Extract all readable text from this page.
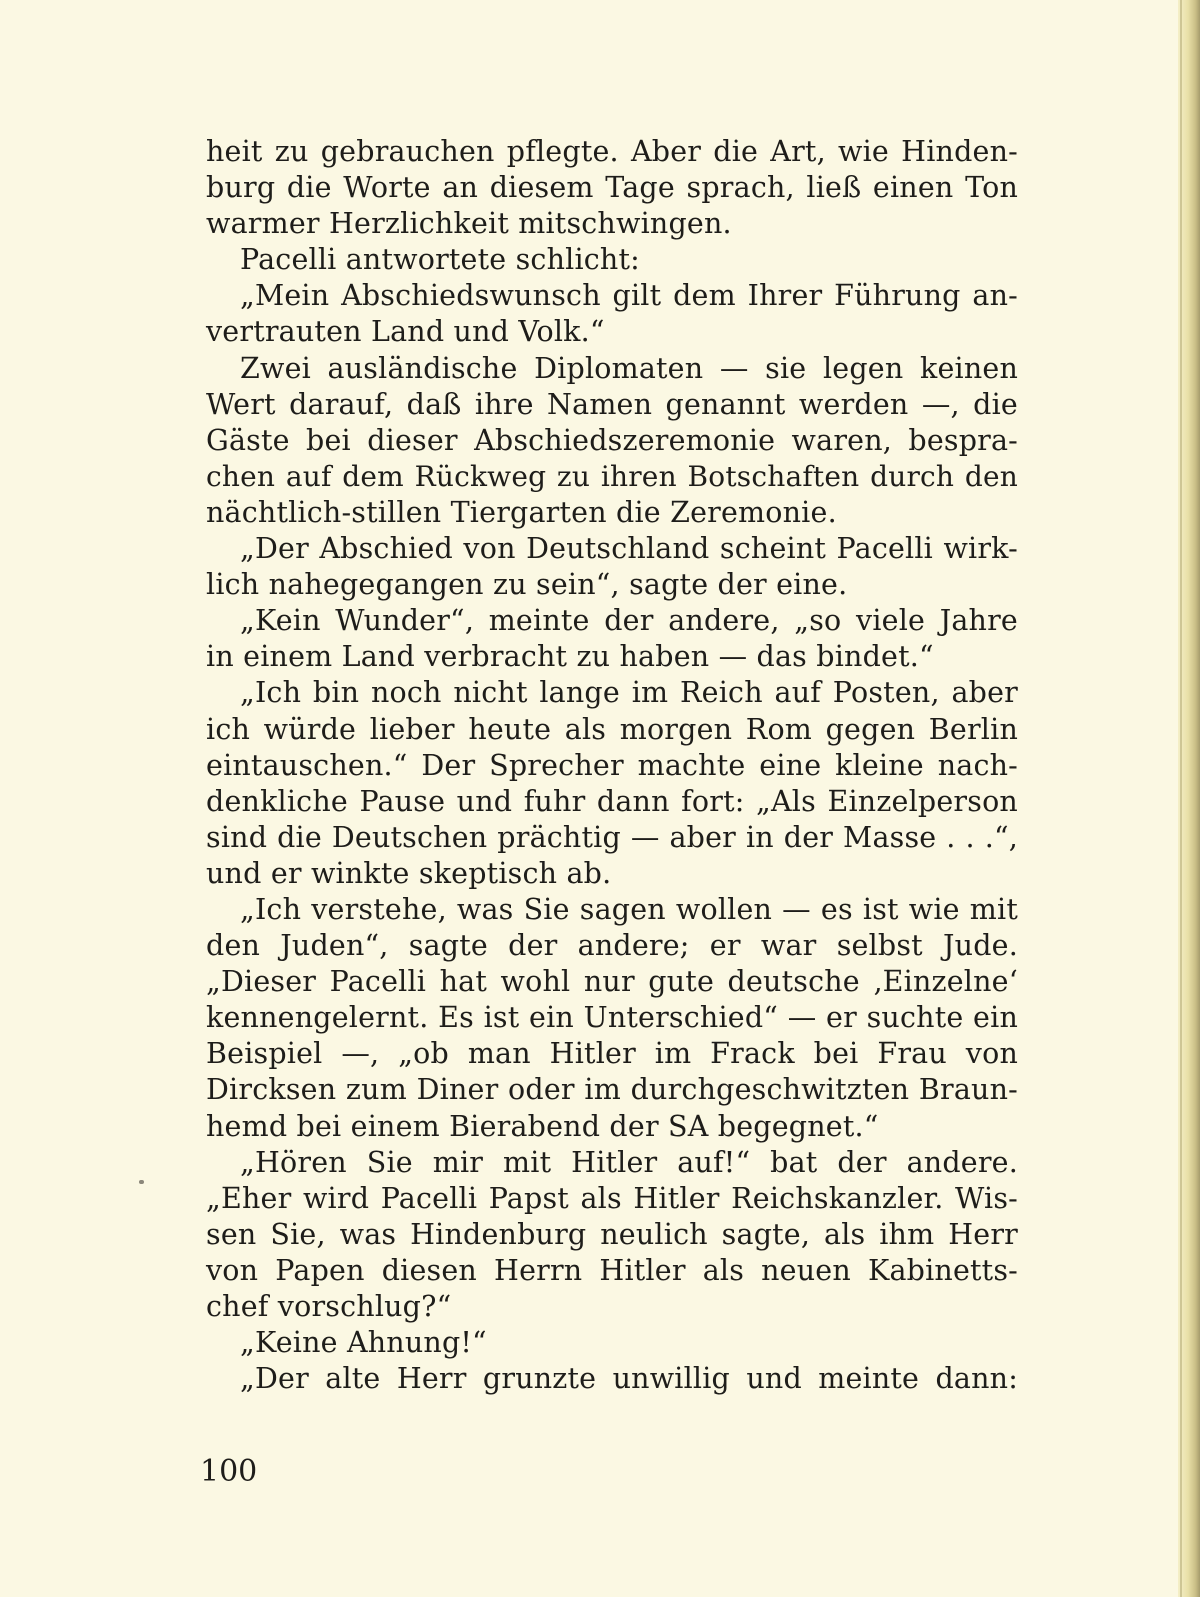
heit zu gebrauchen pflegte. Aber die Art, wie Hinden-
burg die Worte an diesem Tage sprach, ließ einen Ton
warmer Herzlichkeit mitschwingen.
Pacelli antwortete schlicht:
„Mein Abschiedswunsch gilt dem Ihrer Führung an-
vertrauten Land und Volk.“
Zwei ausländische Diplomaten — sie legen keinen
Wert darauf, daß ihre Namen genannt werden —, die
Gäste bei dieser Abschiedszeremonie waren, bespra-
chen auf dem Rückweg zu ihren Botschaften durch den
nächtlich-stillen Tiergarten die Zeremonie.
„Der Abschied von Deutschland scheint Pacelli wirk-
lich nahegegangen zu sein“, sagte der eine.
„Kein Wunder“, meinte der andere, „so viele Jahre
in einem Land verbracht zu haben — das bindet.“
„Ich bin noch nicht lange im Reich auf Posten, aber
ich würde lieber heute als morgen Rom gegen Berlin
eintauschen.“ Der Sprecher machte eine kleine nach-
denkliche Pause und fuhr dann fort: „Als Einzelperson
sind die Deutschen prächtig — aber in der Masse . . .“,
und er winkte skeptisch ab.
„Ich verstehe, was Sie sagen wollen — es ist wie mit
den Juden“, sagte der andere; er war selbst Jude.
„Dieser Pacelli hat wohl nur gute deutsche ‚Einzelne‘
kennengelernt. Es ist ein Unterschied“ — er suchte ein
Beispiel —, „ob man Hitler im Frack bei Frau von
Dircksen zum Diner oder im durchgeschwitzten Braun-
hemd bei einem Bierabend der SA begegnet.“
„Hören Sie mir mit Hitler auf!“ bat der andere.
„Eher wird Pacelli Papst als Hitler Reichskanzler. Wis-
sen Sie, was Hindenburg neulich sagte, als ihm Herr
von Papen diesen Herrn Hitler als neuen Kabinetts-
chef vorschlug?“
„Keine Ahnung!“
„Der alte Herr grunzte unwillig und meinte dann:
100
